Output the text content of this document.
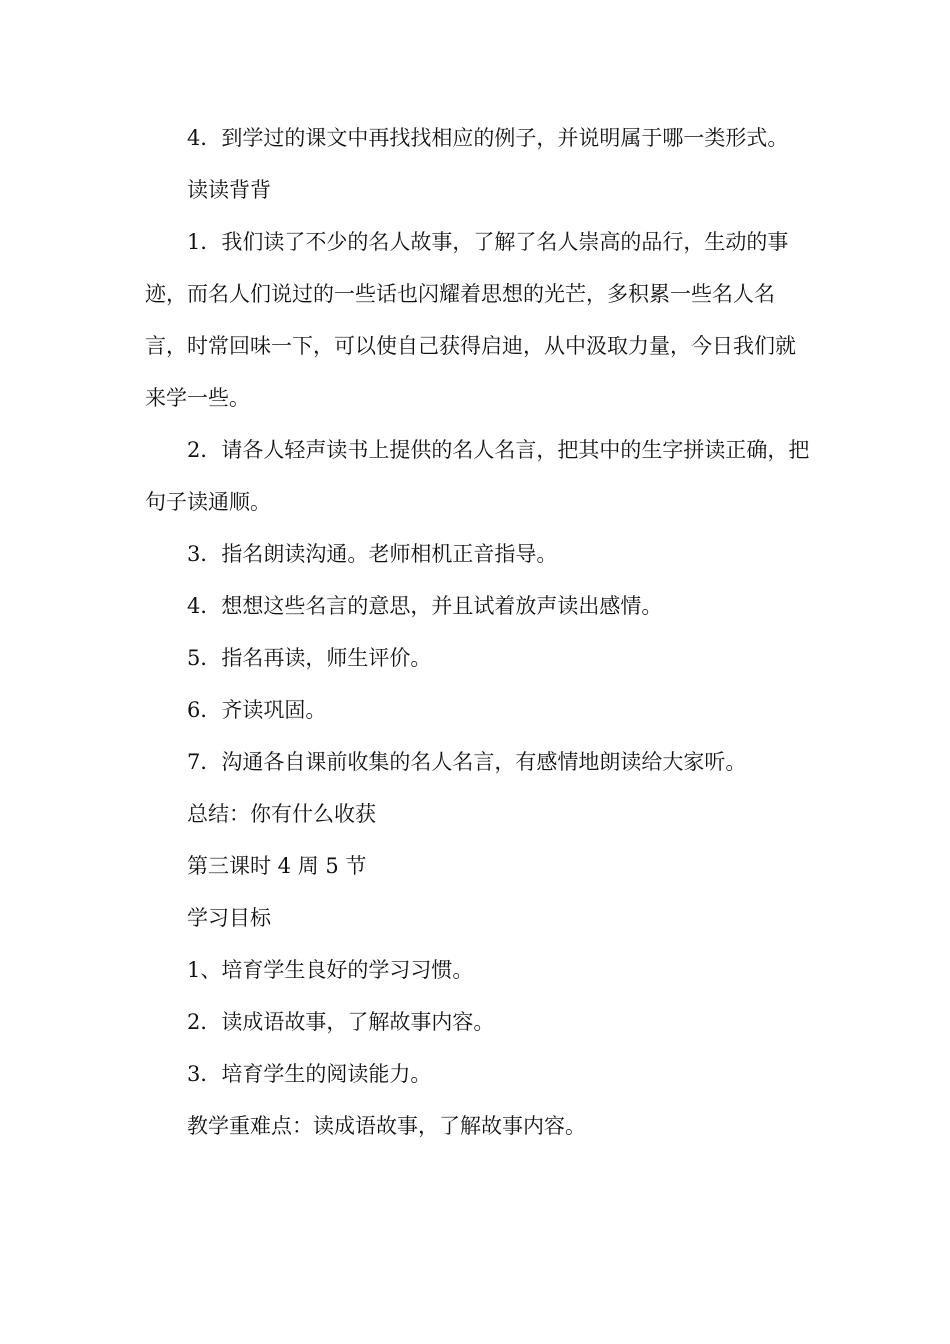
4．到学过的课文中再找找相应的例子，并说明属于哪一类形式。

读读背背

1．我们读了不少的名人故事，了解了名人崇高的品行，生动的事迹，而名人们说过的一些话也闪耀着思想的光芒，多积累一些名人名言，时常回味一下，可以使自己获得启迪，从中汲取力量，今日我们就来学一些。

2．请各人轻声读书上提供的名人名言，把其中的生字拼读正确，把句子读通顺。

3．指名朗读沟通。老师相机正音指导。

4．想想这些名言的意思，并且试着放声读出感情。

5．指名再读，师生评价。

6．齐读巩固。

7．沟通各自课前收集的名人名言，有感情地朗读给大家听。

总结：你有什么收获

第三课时 4 周 5 节

学习目标

1、培育学生良好的学习习惯。

2．读成语故事，了解故事内容。

3．培育学生的阅读能力。

教学重难点：读成语故事，了解故事内容。
